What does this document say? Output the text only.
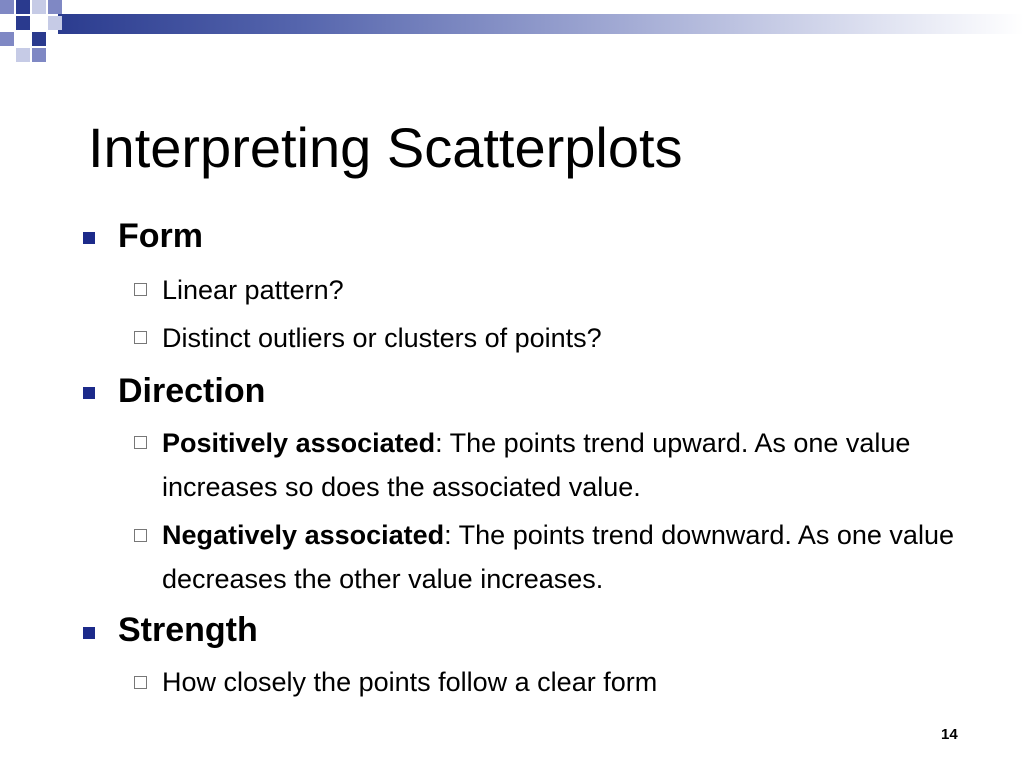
Interpreting Scatterplots
Form
Linear pattern?
Distinct outliers or clusters of points?
Direction
Positively associated: The points trend upward. As one value increases so does the associated value.
Negatively associated: The points trend downward. As one value decreases the other value increases.
Strength
How closely the points follow a clear form
14
